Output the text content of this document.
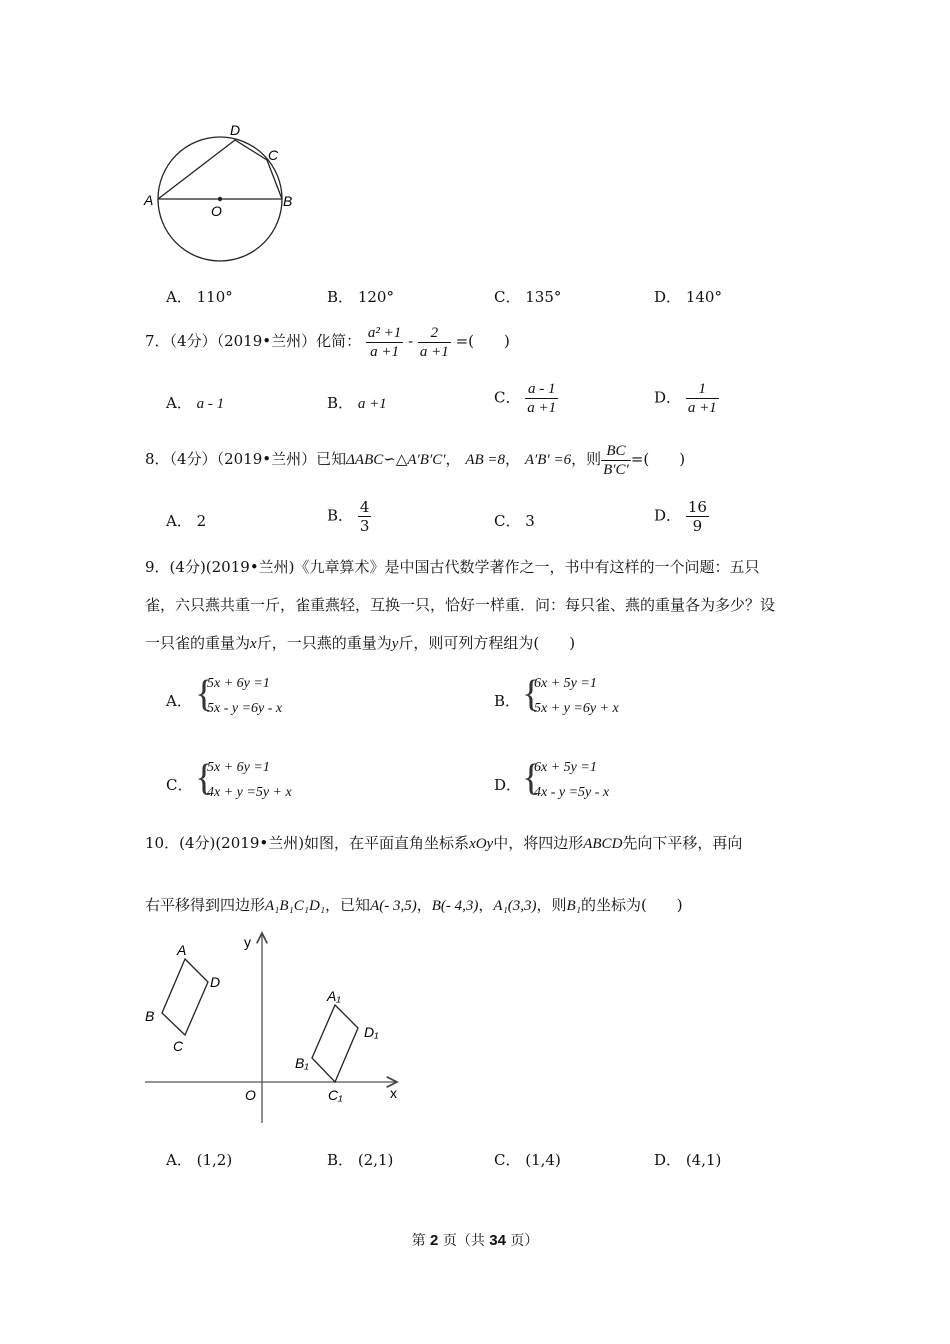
A	B
C
D
O
A． 110°	B． 120°	C． 135°	D． 140°
7．（4分）（2019•兰州）化简： $\frac{\text{a² +1}}{a +1} - \frac{2}{a +1}$ =(　　)
A． a - 1	B． a +1	C． $\frac{a - 1}{a +1}$	D． $\frac{1}{a +1}$
8．（4分）（2019•兰州）已知ΔABC∽△A′B′C′， AB =8， A′B′ =6，则 $\frac{BC}{B'C'}$ =(　　)
A． 2	B． $\frac{4}{3}$	C． 3	D． $\frac{16}{9}$
9．(4分)(2019•兰州)《九章算术》是中国古代数学著作之一，书中有这样的一个问题：五只
雀，六只燕共重一斤，雀重燕轻，互换一只，恰好一样重．问：每只雀、燕的重量各为多少？设
一只雀的重量为x斤，一只燕的重量为y斤，则可列方程组为(　　)
A． {
5x + 6y =1
5x - y =6y - x	B． {
6x + 5y =1
5x + y =6y + x
C． {
5x + 6y =1
4x + y =5y + x	D． {
6x + 5y =1
4x - y =5y - x
10．(4分)(2019•兰州)如图，在平面直角坐标系xOy中，将四边形ABCD先向下平移，再向
右平移得到四边形A₁B₁C₁D₁，已知A(- 3,5)，B(- 4,3)，A₁(3,3)，则B₁的坐标为(　　)
y
x
O
A
D
B
C
A₁
D₁
B₁
C₁
A． (1,2)	B． (2,1)	C． (1,4)	D． (4,1)
第 2 页（共 34 页）
